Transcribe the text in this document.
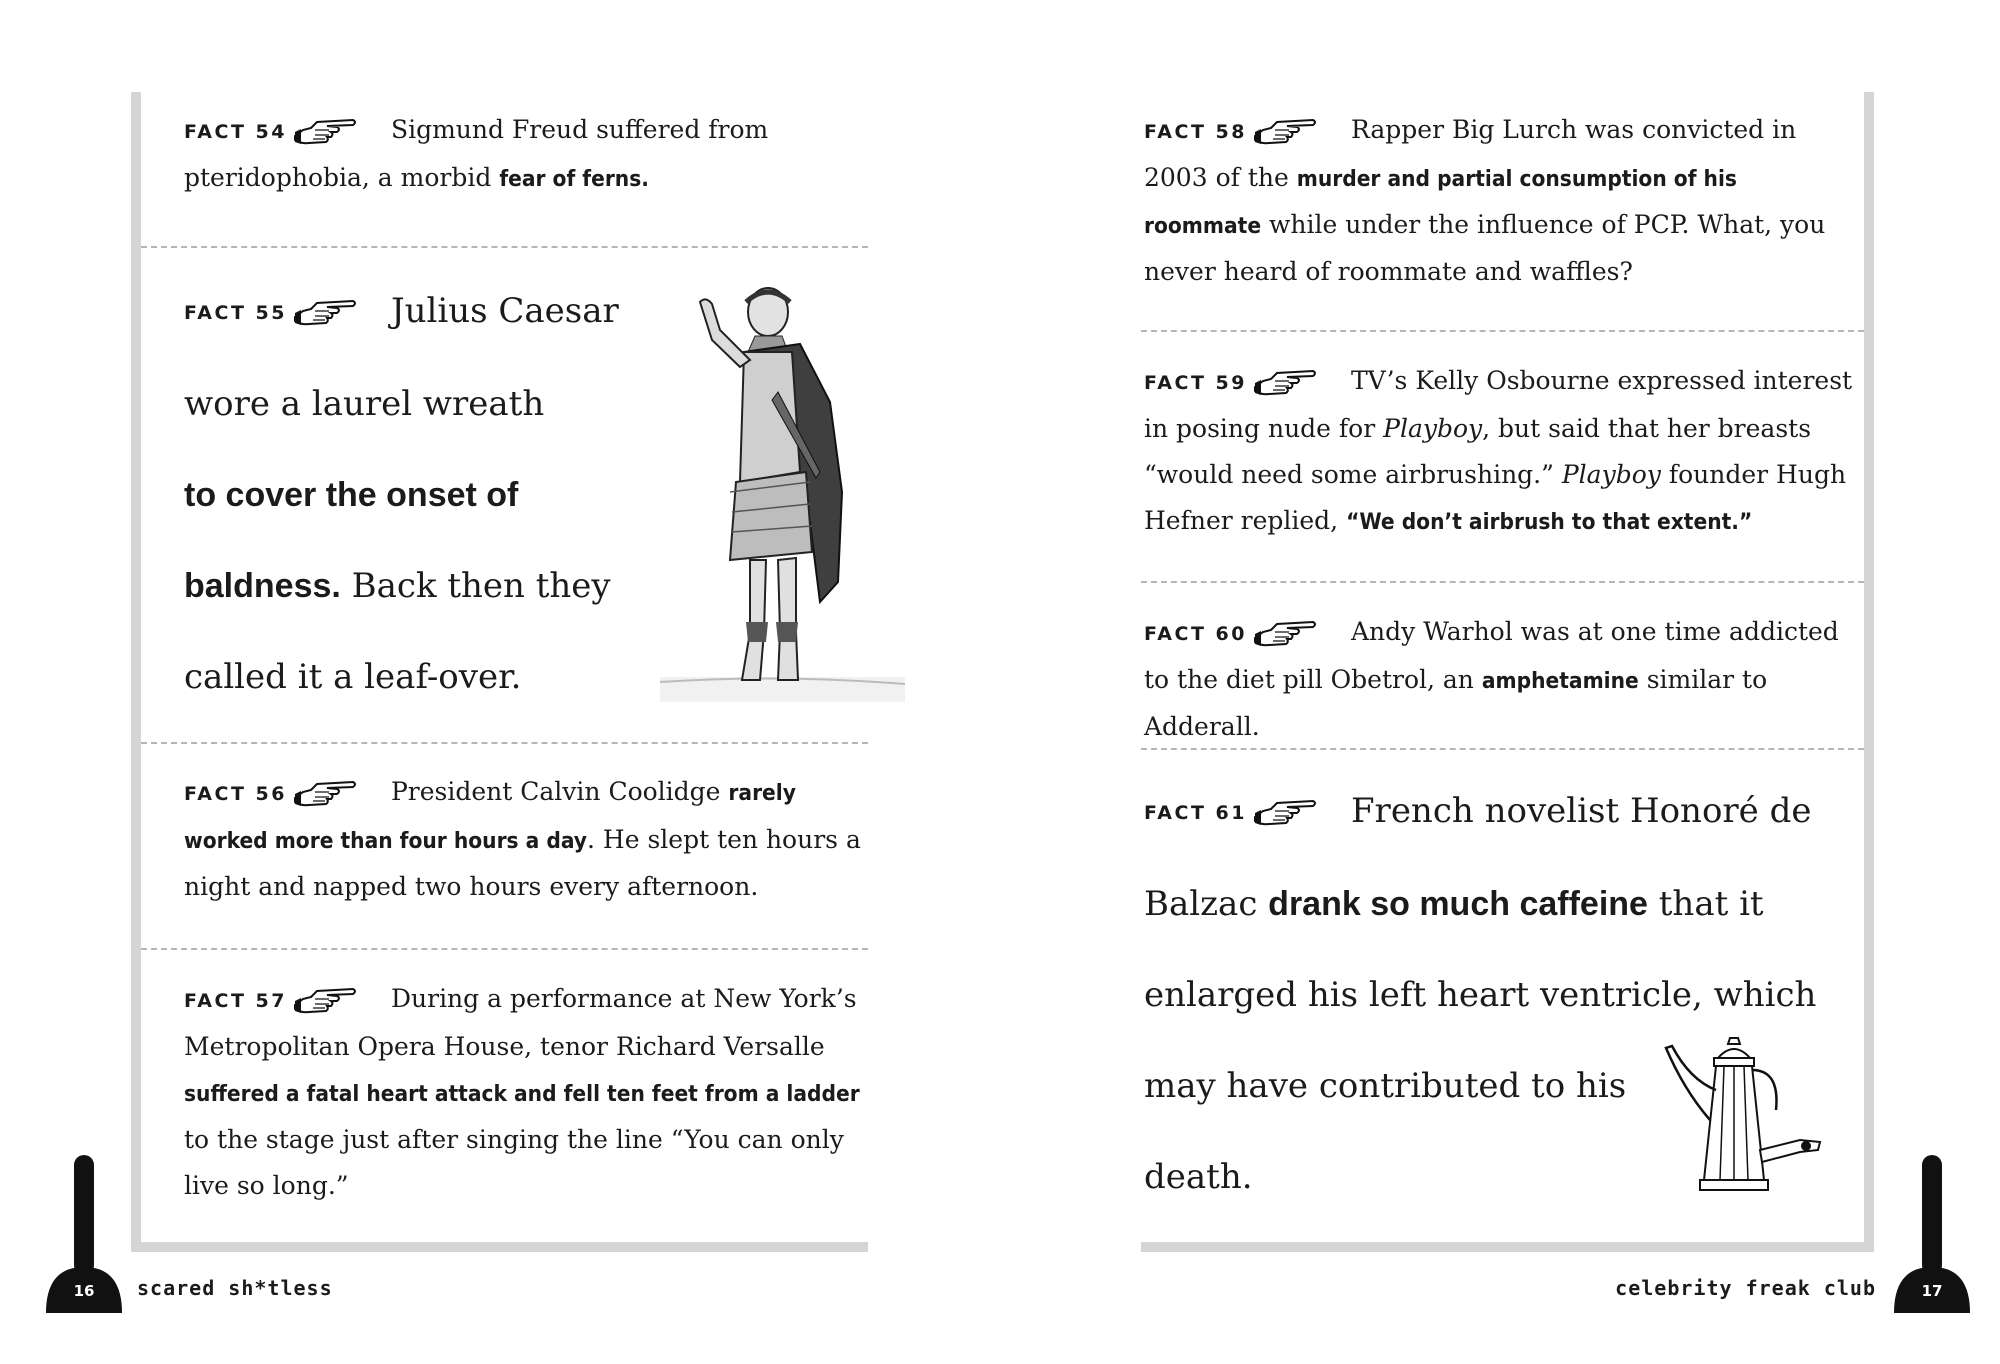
FACT 54	Sigmund Freud suffered from pteridophobia, a morbid fear of ferns.
FACT 55	Julius Caesar
wore a laurel wreath
to cover the onset of
baldness. Back then they
called it a leaf-over.
FACT 56	President Calvin Coolidge rarely worked more than four hours a day. He slept ten hours a night and napped two hours every afternoon.
FACT 57	During a performance at New York’s Metropolitan Opera House, tenor Richard Versalle suffered a fatal heart attack and fell ten feet from a ladder to the stage just after singing the line “You can only live so long.”
16	scared sh*tless
FACT 58	Rapper Big Lurch was convicted in 2003 of the murder and partial consumption of his roommate while under the influence of PCP. What, you never heard of roommate and waffles?
FACT 59	TV’s Kelly Osbourne expressed interest in posing nude for Playboy, but said that her breasts “would need some airbrushing.” Playboy founder Hugh Hefner replied, “We don’t airbrush to that extent.”
FACT 60	Andy Warhol was at one time addicted to the diet pill Obetrol, an amphetamine similar to Adderall.
FACT 61	French novelist Honoré de
Balzac drank so much caffeine that it
enlarged his left heart ventricle, which
may have contributed to his
death.
celebrity freak club	17
